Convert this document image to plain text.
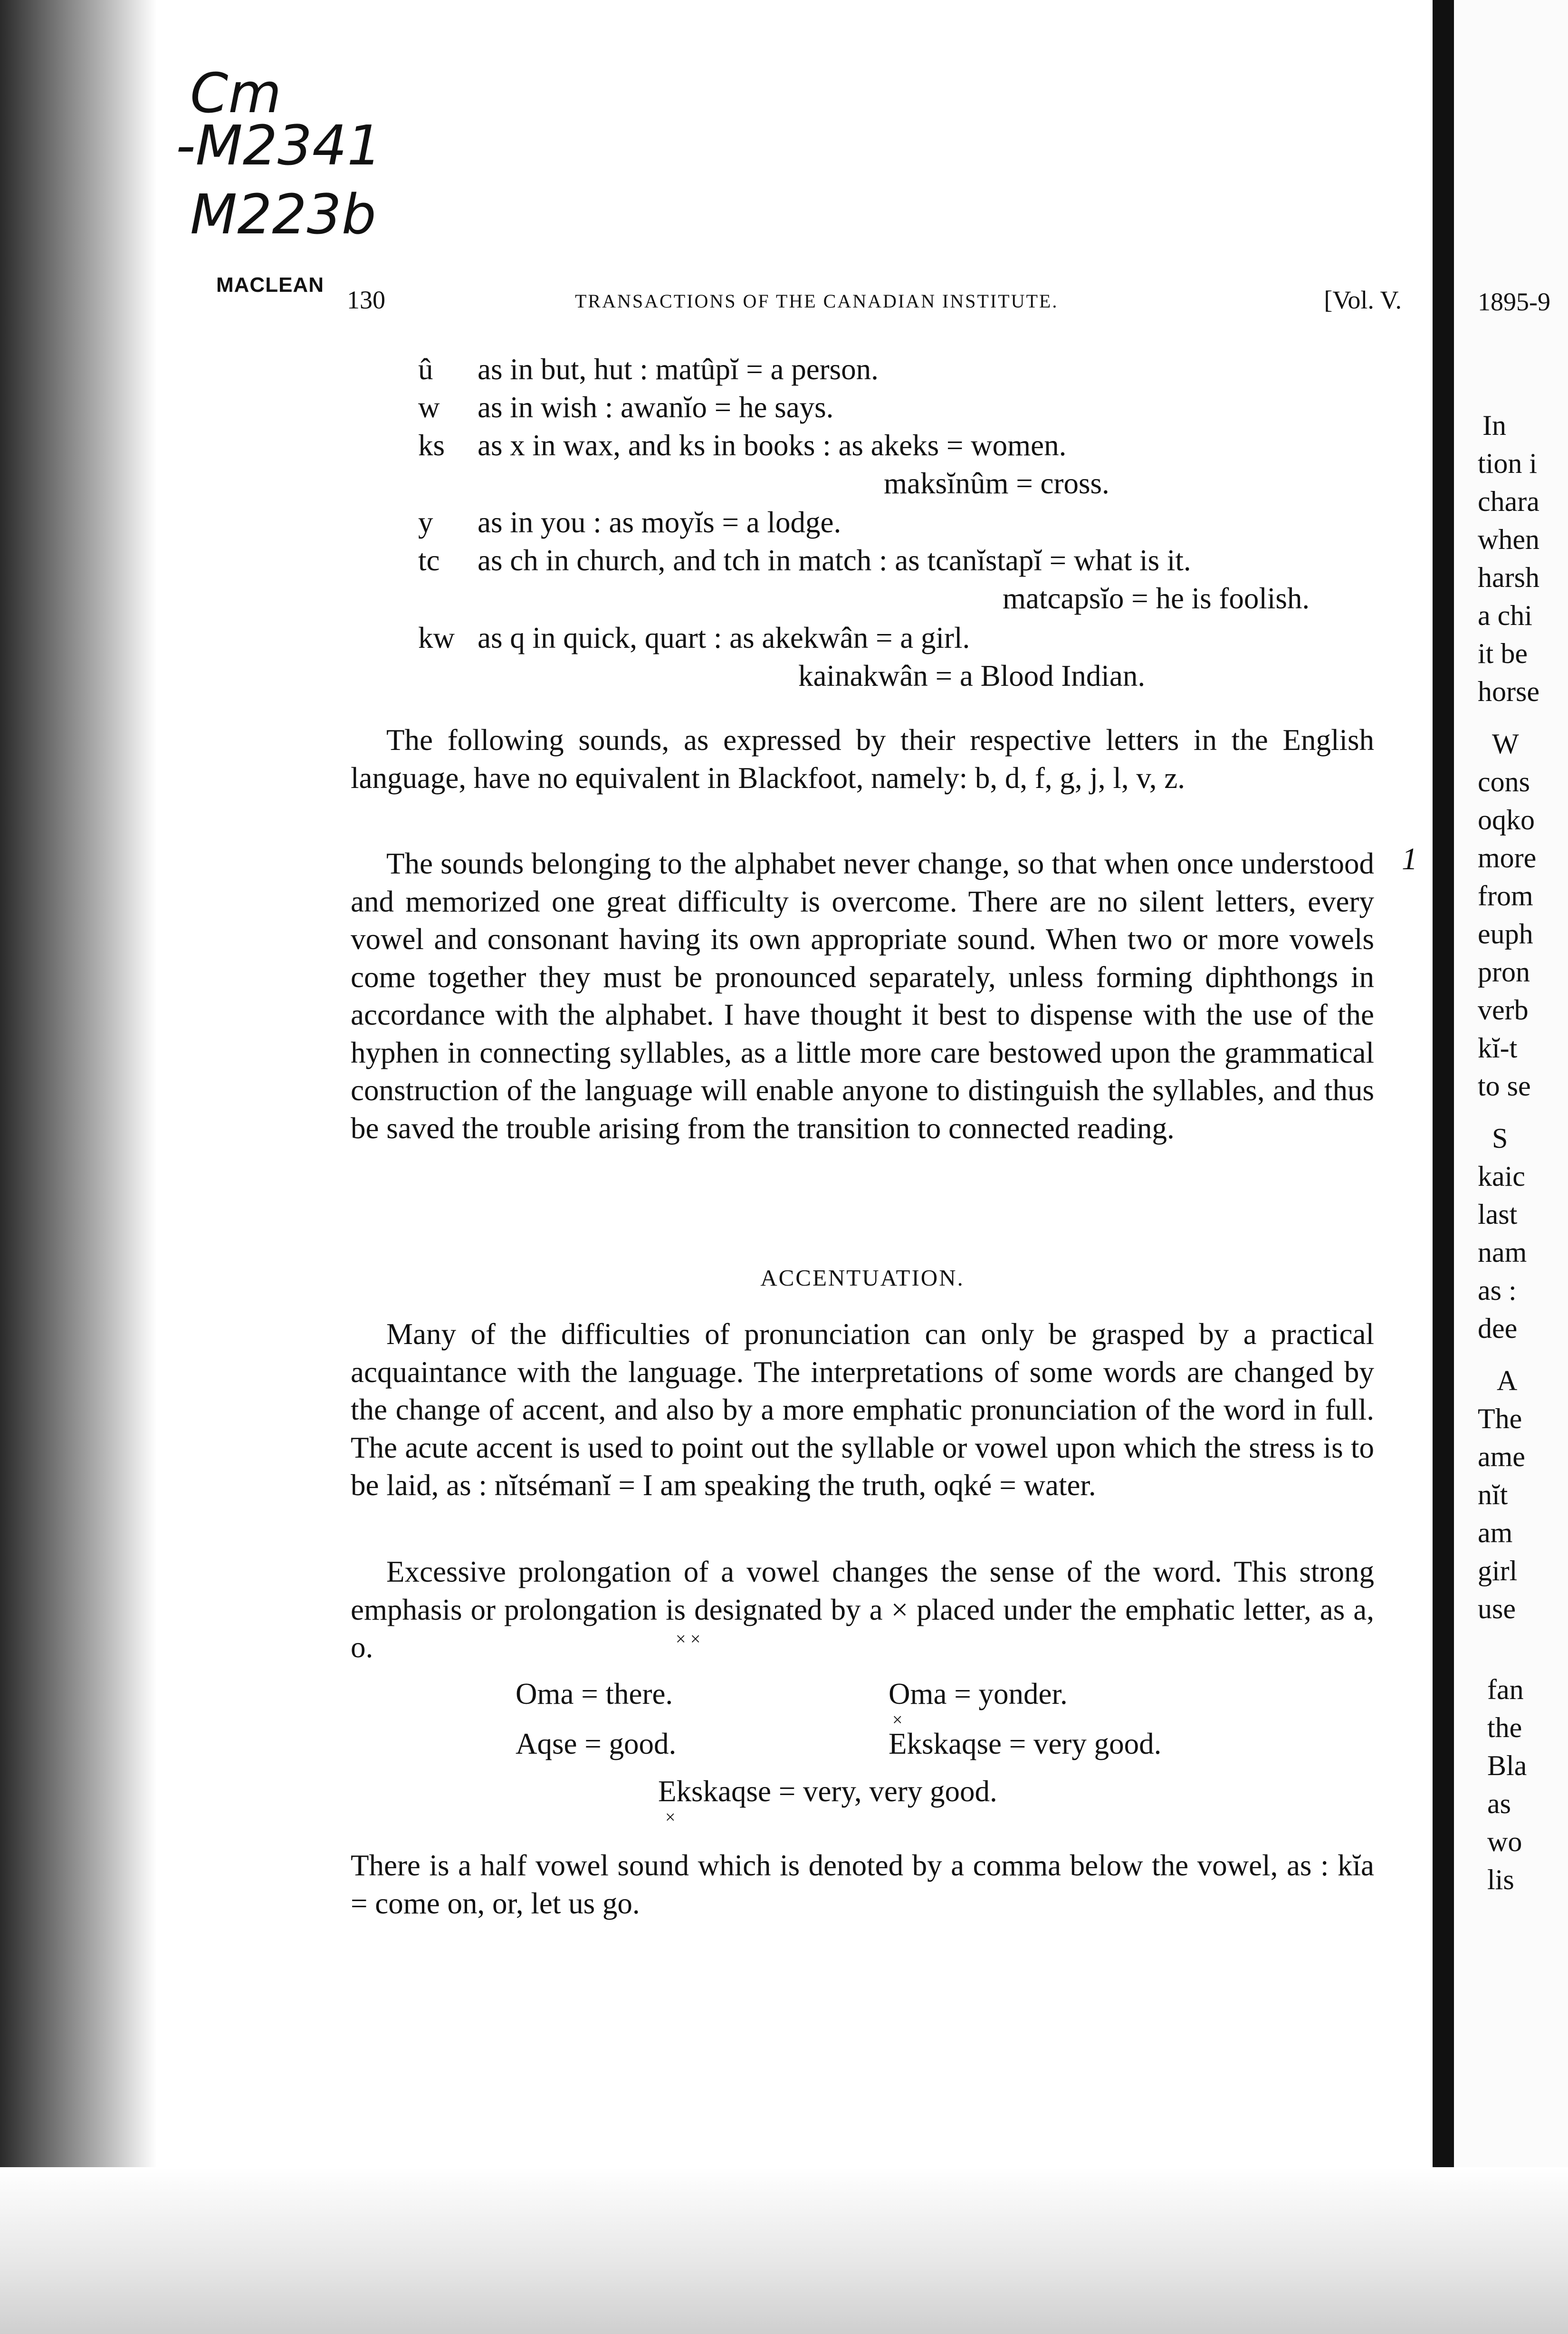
Cm
-M2341
M223b
MACLEAN
130	TRANSACTIONS OF THE CANADIAN INSTITUTE.	[Vol. V.
û as in but, hut : matûpĭ = a person.
w as in wish : awanĭo = he says.
ks as x in wax, and ks in books : as akeks = women.
maksĭnûm = cross.
y as in you : as moyĭs = a lodge.
tc as ch in church, and tch in match : as tcanĭstapĭ = what is it.
matcapsĭo = he is foolish.
kw as q in quick, quart : as akekwân = a girl.
kainakwân = a Blood Indian.
The following sounds, as expressed by their respective letters in the English language, have no equivalent in Blackfoot, namely: b, d, f, g, j, l, v, z.
The sounds belonging to the alphabet never change, so that when once understood and memorized one great difficulty is overcome. There are no silent letters, every vowel and consonant having its own appropriate sound. When two or more vowels come together they must be pronounced separately, unless forming diphthongs in accordance with the alphabet. I have thought it best to dispense with the use of the hyphen in connecting syllables, as a little more care bestowed upon the grammatical construction of the language will enable anyone to distinguish the syllables, and thus be saved the trouble arising from the transition to connected reading.
1
ACCENTUATION.
Many of the difficulties of pronunciation can only be grasped by a practical acquaintance with the language. The interpretations of some words are changed by the change of accent, and also by a more emphatic pronunciation of the word in full. The acute accent is used to point out the syllable or vowel upon which the stress is to be laid, as : nĭtsémanĭ = I am speaking the truth, oqké = water.
Excessive prolongation of a vowel changes the sense of the word. This strong emphasis or prolongation is designated by a × placed under the emphatic letter, as a, o.	× ×
Oma = there.	Oma = yonder.
×
Aqse = good.	Ekskaqse = very good.
Ekskaqse = very, very good.
×
There is a half vowel sound which is denoted by a comma below the vowel, as : kĭa = come on, or, let us go.
1895-9
In
tion i
chara
when
harsh
a chi
it be
horse
W
cons
oqko
more
from
euph
pron
verb
kĭ-t
to se
S
kaic
last
nam
as :
dee
A
The
ame
nĭt
am
girl
use
fan
the
Bla
as
wo
lis
